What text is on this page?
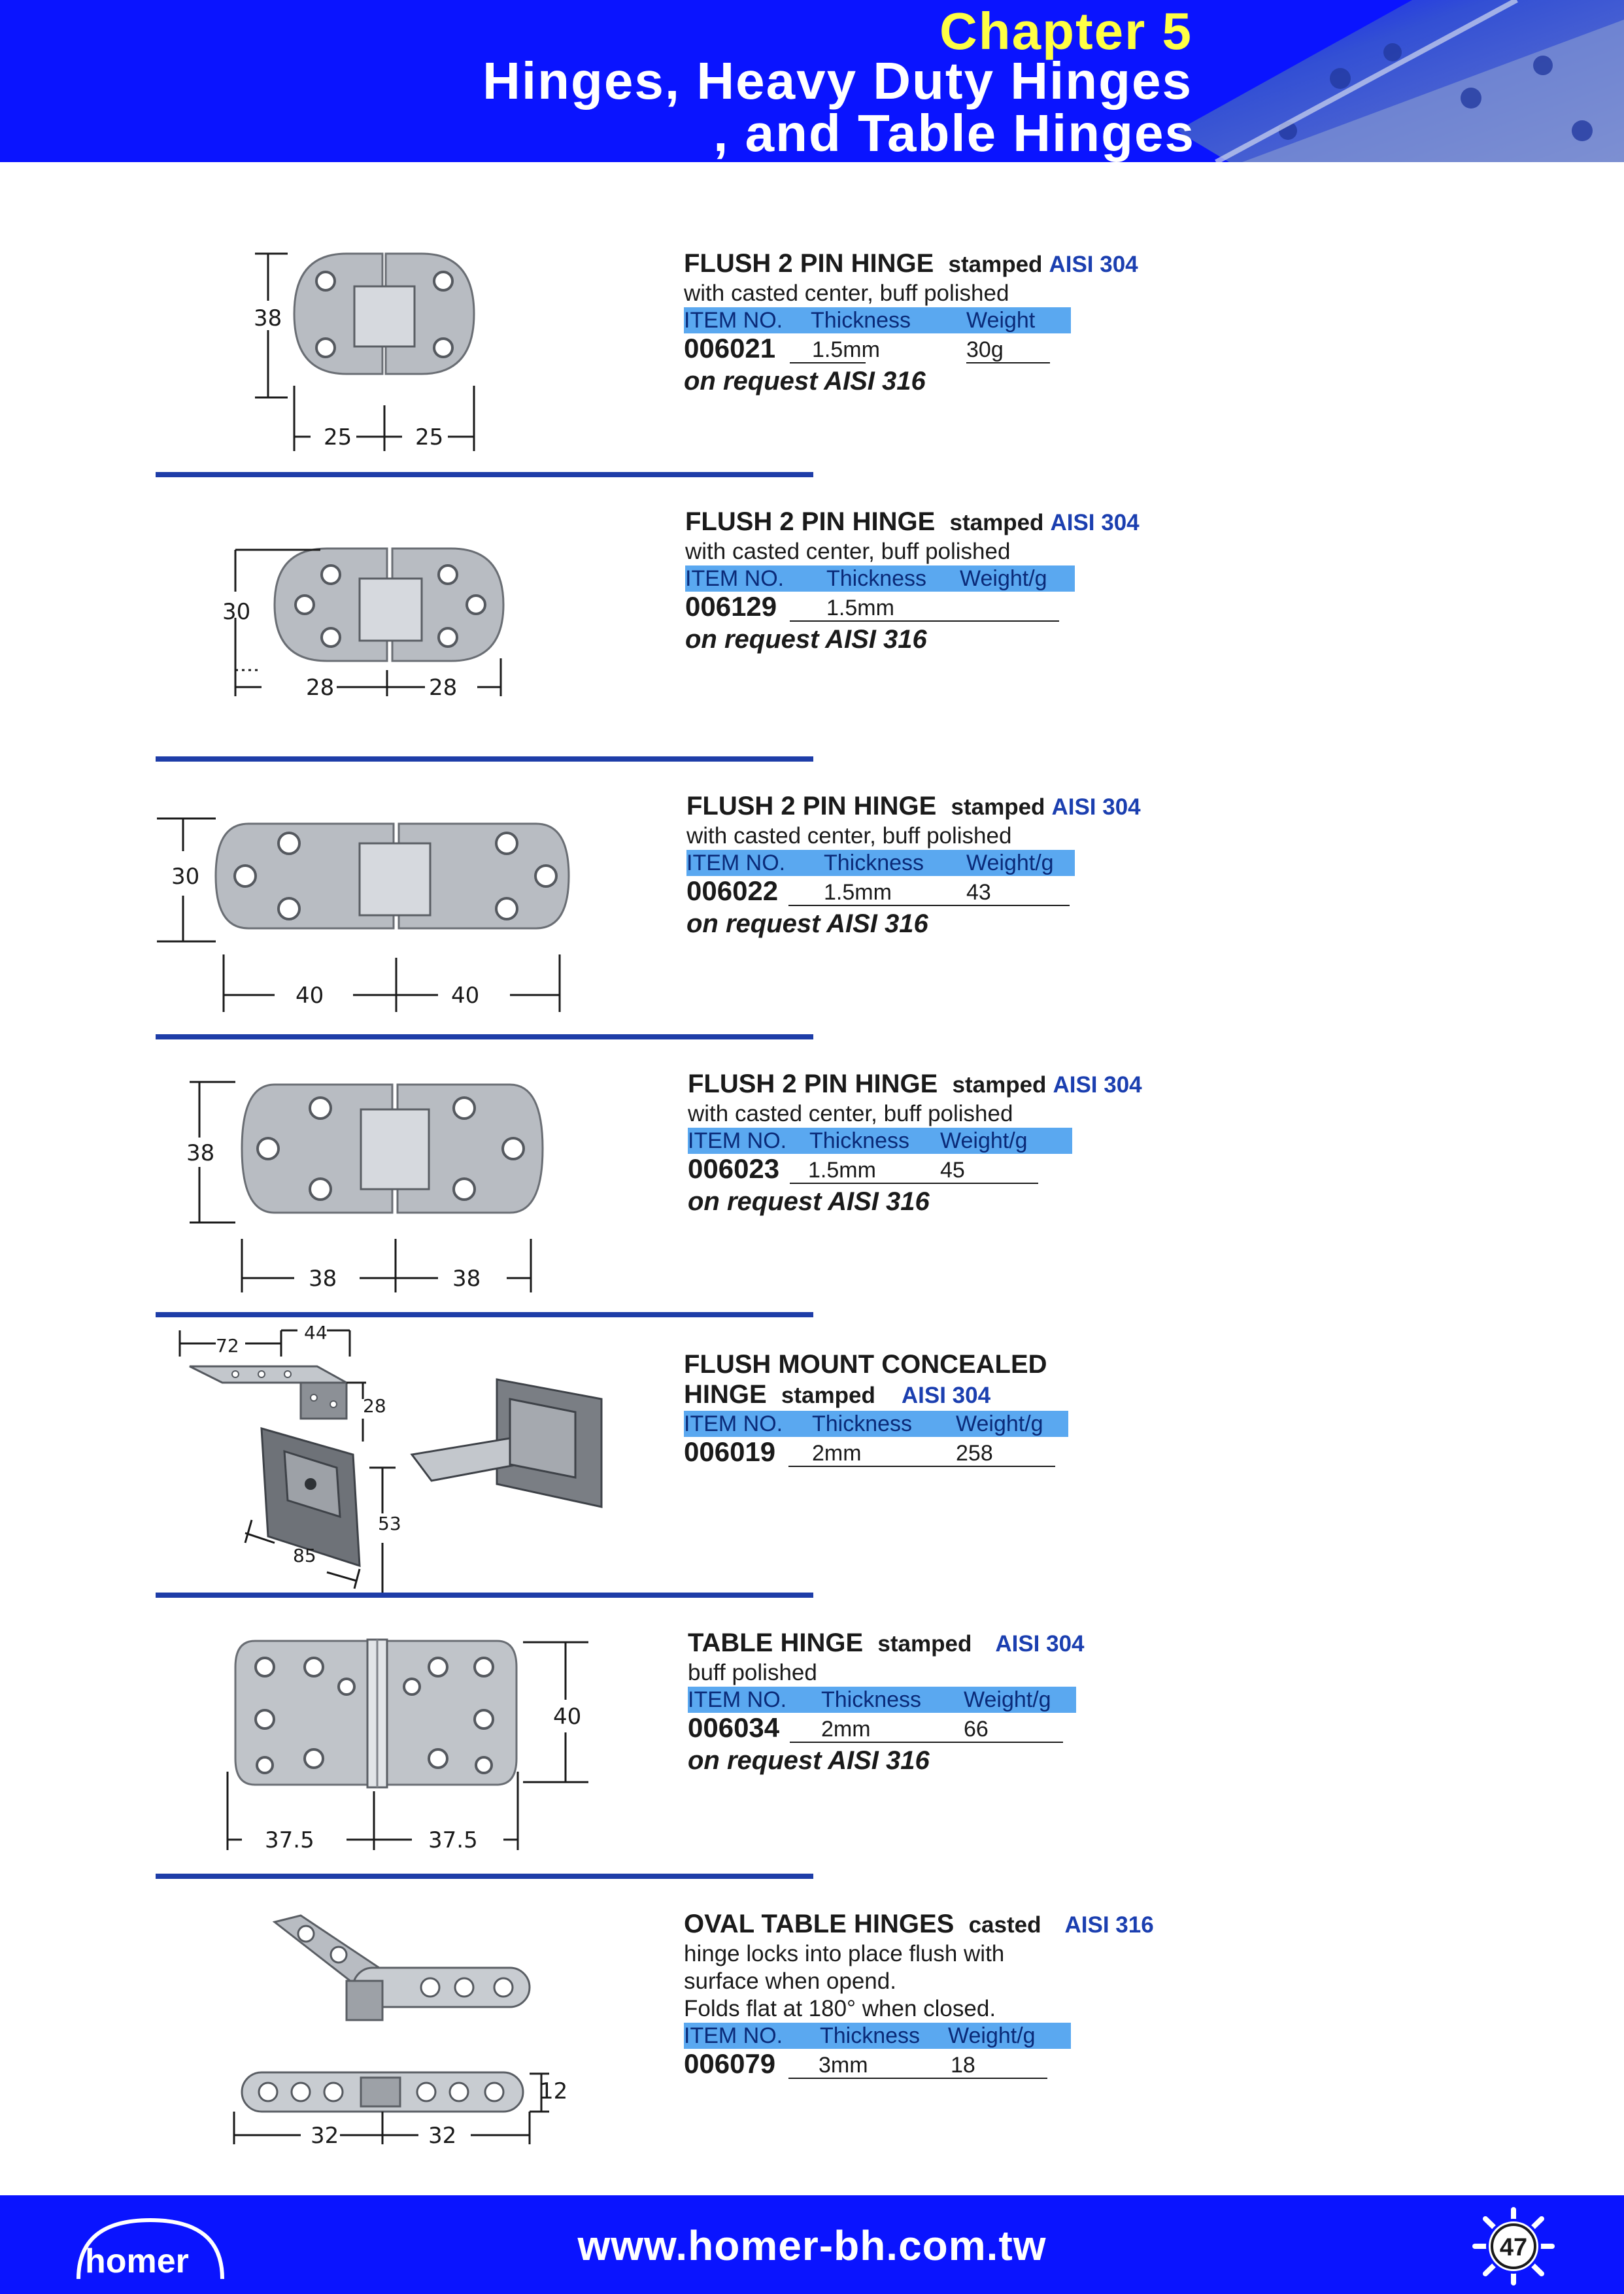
Chapter 5
Hinges, Heavy Duty Hinges
, and Table Hinges
38
25	25
FLUSH 2 PIN HINGE stamped AISI 304
with casted center, buff polished
ITEM NO. Thickness Weight
006021 1.5mm	30g
on request AISI 316
30
28	28
FLUSH 2 PIN HINGE stamped AISI 304
with casted center, buff polished
ITEM NO. Thickness Weight/g
006129 1.5mm
on request AISI 316
30
40	40
FLUSH 2 PIN HINGE stamped AISI 304
with casted center, buff polished
ITEM NO. Thickness Weight/g
006022 1.5mm	43
on request AISI 316
38
38	38
FLUSH 2 PIN HINGE stamped AISI 304
with casted center, buff polished
ITEM NO. Thickness Weight/g
006023 1.5mm	45
on request AISI 316
72
44
28
53
85
FLUSH MOUNT CONCEALED
HINGE stamped AISI 304
ITEM NO. Thickness Weight/g
006019 2mm	258
40
37.5	37.5
TABLE HINGE stamped AISI 304
buff polished
ITEM NO. Thickness Weight/g
006034 2mm	66
on request AISI 316
12
32	32
OVAL TABLE HINGES casted AISI 316
hinge locks into place flush with
surface when opend.
Folds flat at 180° when closed.
ITEM NO. Thickness Weight/g
006079 3mm	18
homer	www.homer-bh.com.tw	47
